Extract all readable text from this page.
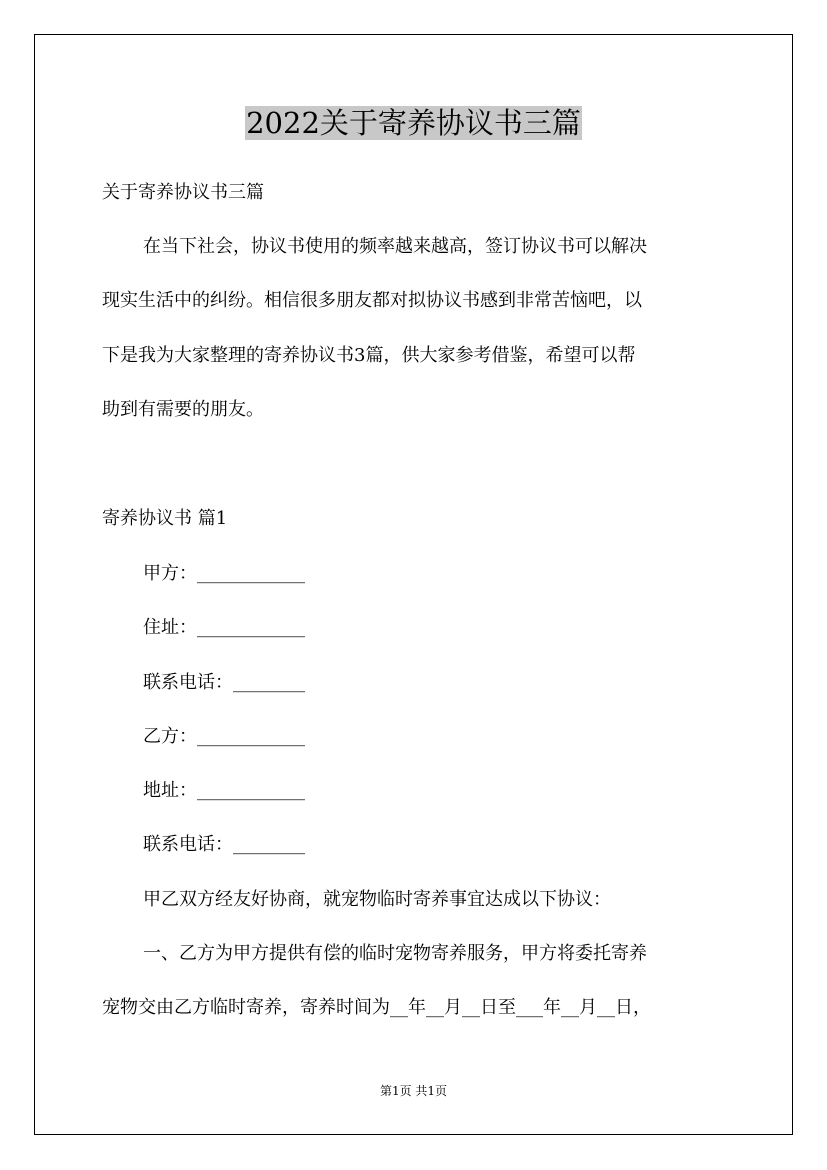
2022关于寄养协议书三篇

关于寄养协议书三篇

在当下社会，协议书使用的频率越来越高，签订协议书可以解决

现实生活中的纠纷。相信很多朋友都对拟协议书感到非常苦恼吧，以

下是我为大家整理的寄养协议书3篇，供大家参考借鉴，希望可以帮

助到有需要的朋友。

寄养协议书 篇1

甲方：____________

住址：____________

联系电话：________

乙方：____________

地址：____________

联系电话：________

甲乙双方经友好协商，就宠物临时寄养事宜达成以下协议：

一、乙方为甲方提供有偿的临时宠物寄养服务，甲方将委托寄养

宠物交由乙方临时寄养，寄养时间为__年__月__日至___年__月__日，

第1页 共1页
